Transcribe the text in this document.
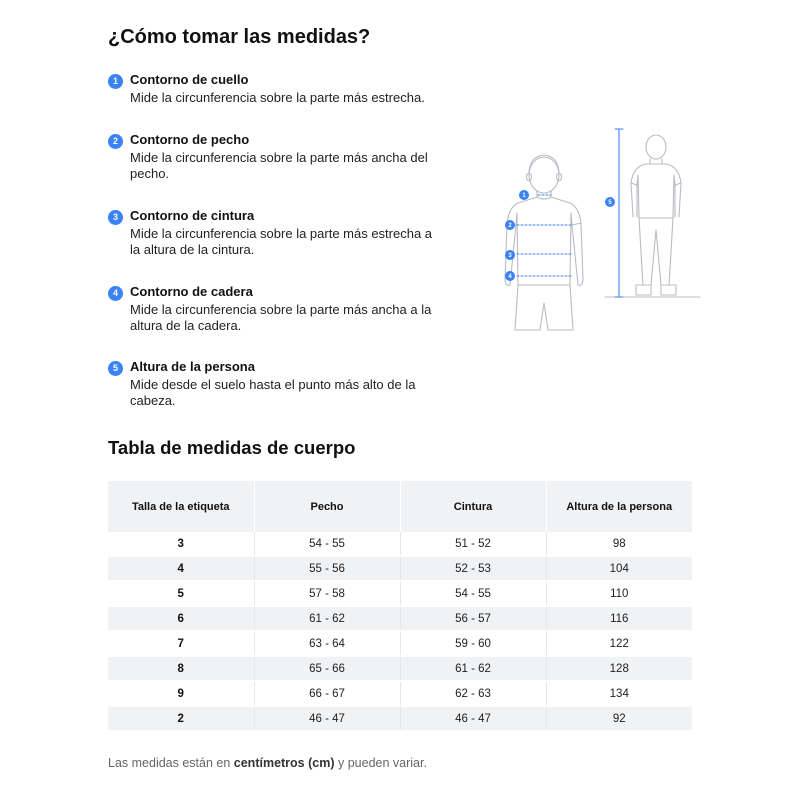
¿Cómo tomar las medidas?
1 Contorno de cuello
Mide la circunferencia sobre la parte más estrecha.
2 Contorno de pecho
Mide la circunferencia sobre la parte más ancha del pecho.
3 Contorno de cintura
Mide la circunferencia sobre la parte más estrecha a la altura de la cintura.
4 Contorno de cadera
Mide la circunferencia sobre la parte más ancha a la altura de la cadera.
5 Altura de la persona
Mide desde el suelo hasta el punto más alto de la cabeza.
1
2
3
4
5
Tabla de medidas de cuerpo
Talla de la etiqueta	Pecho	Cintura	Altura de la persona
3	54 - 55	51 - 52	98
4	55 - 56	52 - 53	104
5	57 - 58	54 - 55	110
6	61 - 62	56 - 57	116
7	63 - 64	59 - 60	122
8	65 - 66	61 - 62	128
9	66 - 67	62 - 63	134
2	46 - 47	46 - 47	92
Las medidas están en centímetros (cm) y pueden variar.
